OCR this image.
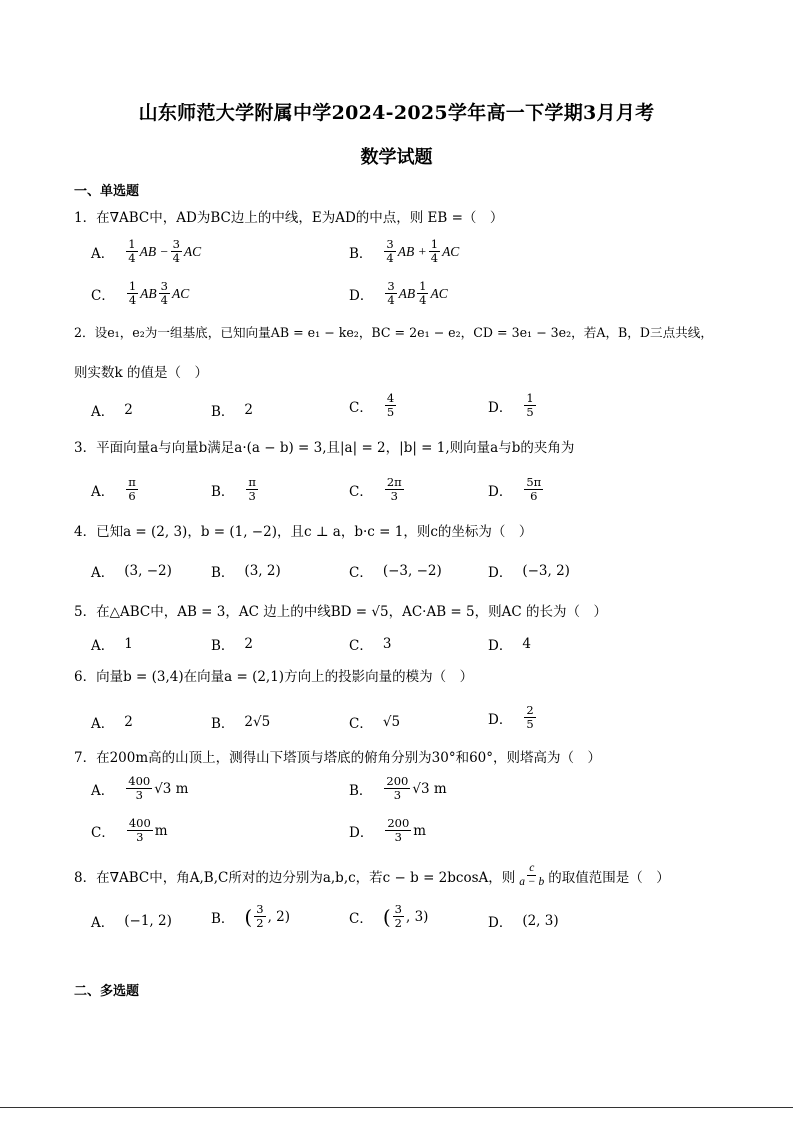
山东师范大学附属中学2024-2025学年高一下学期3月月考
数学试题
一、单选题
1．在∇ABC中，AD为BC边上的中线，E为AD的中点，则 EB =（　）
A． $\frac{1}{4}$ AB − $\frac{3}{4}$ AC	B． $\frac{3}{4}$ AB + $\frac{1}{4}$ AC
C． $\frac{1}{4}$ AB $\frac{3}{4}$ AC	D． $\frac{3}{4}$ AB $\frac{1}{4}$ AC
2．设e₁，e₂为一组基底，已知向量AB = e₁ − ke₂，BC = 2e₁ − e₂，CD = 3e₁ − 3e₂，若A，B，D三点共线，
则实数k 的值是（　）
A． 2	B． 2	C． $\frac{4}{5}$	D． $\frac{1}{5}$
3．平面向量a与向量b满足a·(a − b) = 3,且|a| = 2，|b| = 1,则向量a与b的夹角为
A． $\frac{\pi}{6}$	B． $\frac{\pi}{3}$	C． $\frac{2\pi}{3}$	D． $\frac{5\pi}{6}$
4．已知a = (2, 3)，b = (1, −2)，且c ⊥ a，b·c = 1，则c的坐标为（　）
A． (3, −2)	B． (3, 2)	C． (−3, −2)	D． (−3, 2)
5．在△ABC中，AB = 3，AC 边上的中线BD = √5，AC·AB = 5，则AC 的长为（　）
A． 1	B． 2	C． 3	D． 4
6．向量b = (3,4)在向量a = (2,1)方向上的投影向量的模为（　）
A． 2	B． 2√5	C． √5	D． $\frac{2}{5}$
7．在200m高的山顶上，测得山下塔顶与塔底的俯角分别为30°和60°，则塔高为（　）
A． $\frac{400}{3} √3$ m	B． $\frac{200}{3} √3$ m
C． $\frac{400}{3}$ m	D． $\frac{200}{3}$ m
8．在∇ABC中，角A,B,C所对的边分别为a,b,c，若c − b = 2bcosA，则 $\frac{c}{a - b}$ 的取值范围是（　）
A． (−1, 2)	B． ( $\frac{3}{2}$ , 2)	C． ( $\frac{3}{2}$ , 3)	D． (2, 3)
二、多选题
